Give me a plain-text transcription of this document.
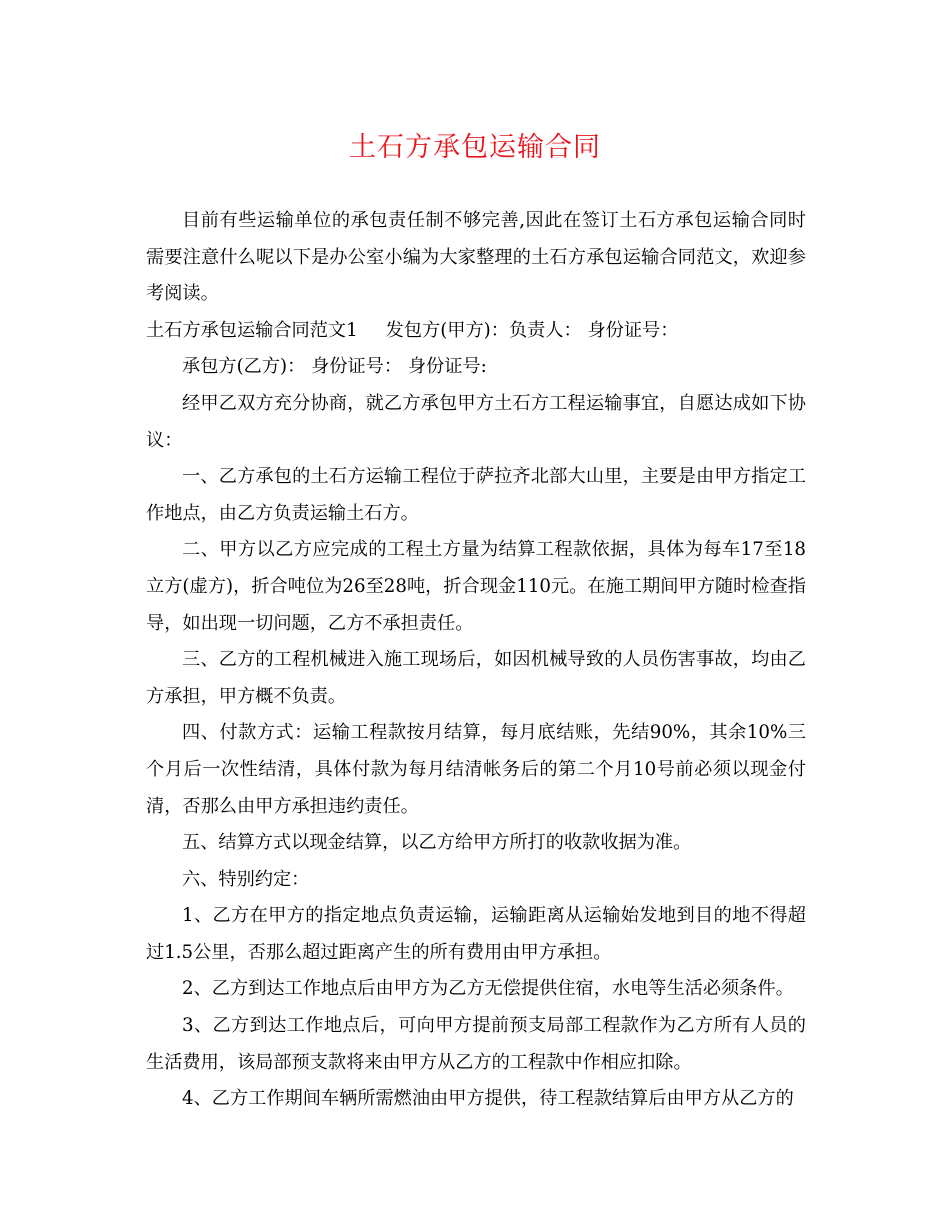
土石方承包运输合同

目前有些运输单位的承包责任制不够完善,因此在签订土石方承包运输合同时需要注意什么呢以下是办公室小编为大家整理的土石方承包运输合同范文，欢迎参考阅读。

土石方承包运输合同范文1 发包方(甲方)：负责人： 身份证号：

承包方(乙方)： 身份证号： 身份证号:

经甲乙双方充分协商，就乙方承包甲方土石方工程运输事宜，自愿达成如下协议：

一、乙方承包的土石方运输工程位于萨拉齐北部大山里，主要是由甲方指定工作地点，由乙方负责运输土石方。

二、甲方以乙方应完成的工程土方量为结算工程款依据，具体为每车17至18立方(虚方)，折合吨位为26至28吨，折合现金110元。在施工期间甲方随时检查指导，如出现一切问题，乙方不承担责任。

三、乙方的工程机械进入施工现场后，如因机械导致的人员伤害事故，均由乙方承担，甲方概不负责。

四、付款方式：运输工程款按月结算，每月底结账，先结90%，其余10%三个月后一次性结清，具体付款为每月结清帐务后的第二个月10号前必须以现金付清，否那么由甲方承担违约责任。

五、结算方式以现金结算，以乙方给甲方所打的收款收据为准。

六、特别约定：

1、乙方在甲方的指定地点负责运输，运输距离从运输始发地到目的地不得超过1.5公里，否那么超过距离产生的所有费用由甲方承担。

2、乙方到达工作地点后由甲方为乙方无偿提供住宿，水电等生活必须条件。

3、乙方到达工作地点后，可向甲方提前预支局部工程款作为乙方所有人员的生活费用，该局部预支款将来由甲方从乙方的工程款中作相应扣除。

4、乙方工作期间车辆所需燃油由甲方提供，待工程款结算后由甲方从乙方的
